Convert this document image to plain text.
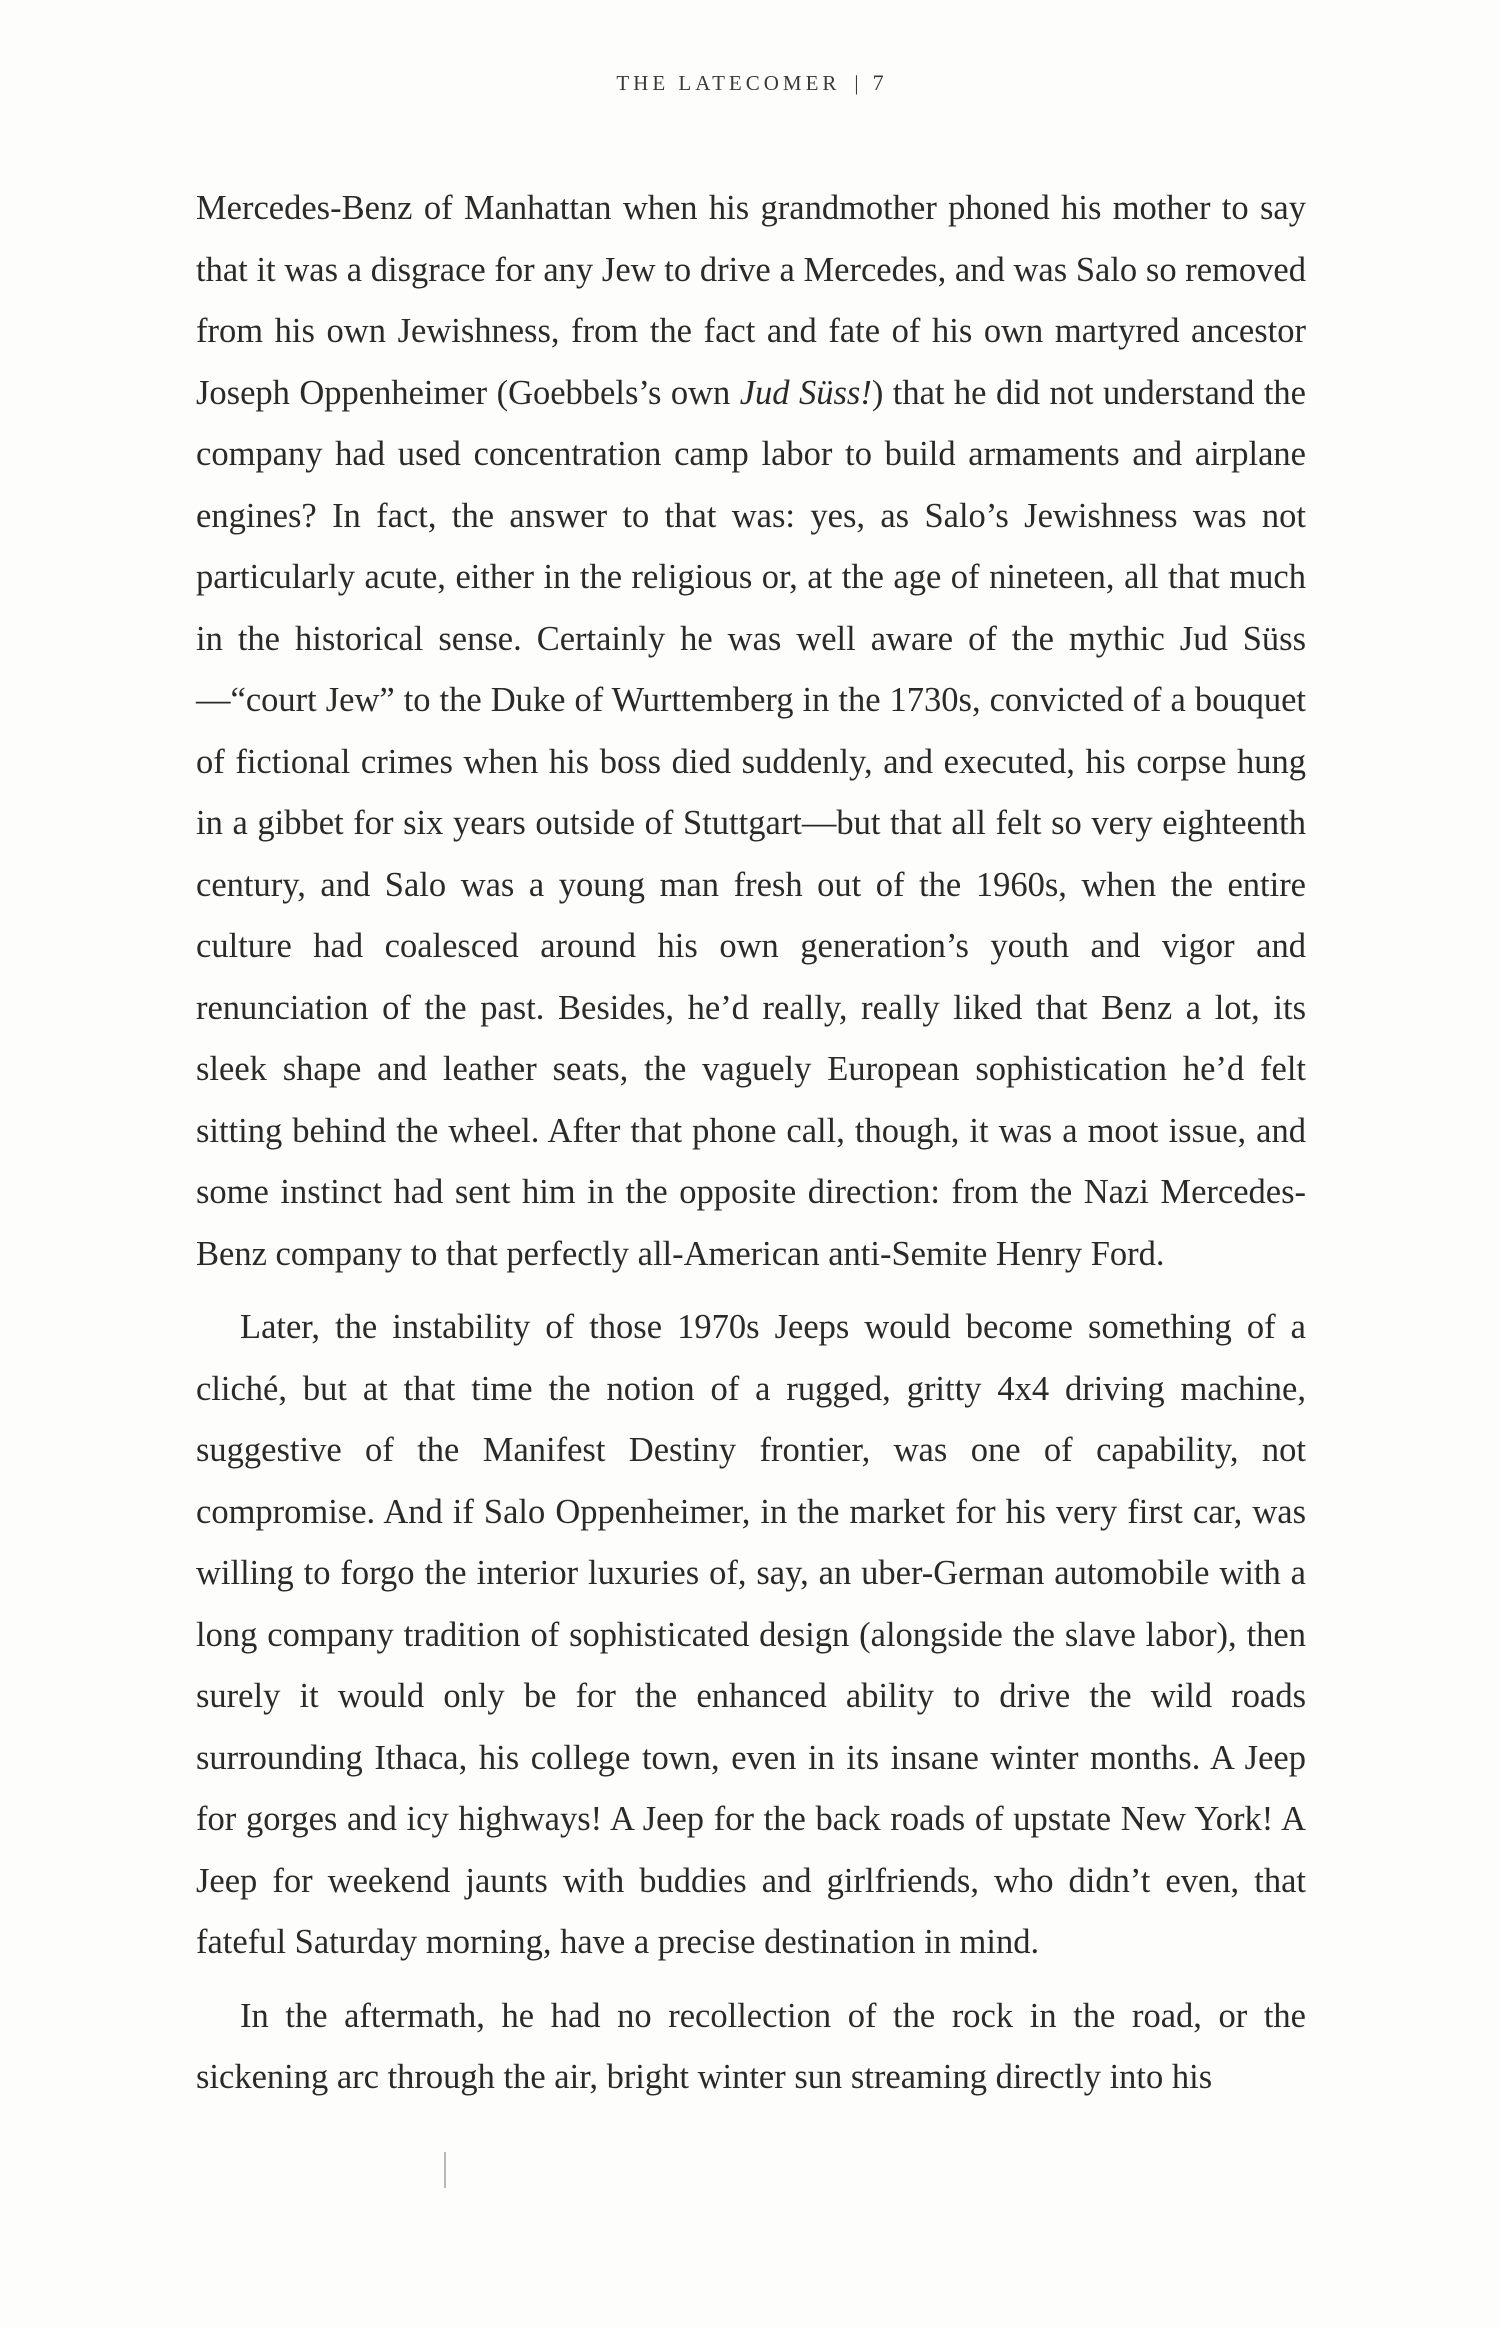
THE LATECOMER | 7

Mercedes-Benz of Manhattan when his grandmother phoned his mother to say that it was a disgrace for any Jew to drive a Mercedes, and was Salo so removed from his own Jewishness, from the fact and fate of his own martyred ancestor Joseph Oppenheimer (Goebbels’s own Jud Süss!) that he did not understand the company had used concentration camp labor to build armaments and airplane engines? In fact, the answer to that was: yes, as Salo’s Jewishness was not particularly acute, either in the religious or, at the age of nineteen, all that much in the historical sense. Certainly he was well aware of the mythic Jud Süss—“court Jew” to the Duke of Wurttemberg in the 1730s, convicted of a bouquet of fictional crimes when his boss died suddenly, and executed, his corpse hung in a gibbet for six years outside of Stuttgart—but that all felt so very eighteenth century, and Salo was a young man fresh out of the 1960s, when the entire culture had coalesced around his own generation’s youth and vigor and renunciation of the past. Besides, he’d really, really liked that Benz a lot, its sleek shape and leather seats, the vaguely European sophistication he’d felt sitting behind the wheel. After that phone call, though, it was a moot issue, and some instinct had sent him in the opposite direction: from the Nazi Mercedes-Benz company to that perfectly all-American anti-Semite Henry Ford.

Later, the instability of those 1970s Jeeps would become something of a cliché, but at that time the notion of a rugged, gritty 4x4 driving machine, suggestive of the Manifest Destiny frontier, was one of capability, not compromise. And if Salo Oppenheimer, in the market for his very first car, was willing to forgo the interior luxuries of, say, an uber-German automobile with a long company tradition of sophisticated design (alongside the slave labor), then surely it would only be for the enhanced ability to drive the wild roads surrounding Ithaca, his college town, even in its insane winter months. A Jeep for gorges and icy highways! A Jeep for the back roads of upstate New York! A Jeep for weekend jaunts with buddies and girlfriends, who didn’t even, that fateful Saturday morning, have a precise destination in mind.

In the aftermath, he had no recollection of the rock in the road, or the sickening arc through the air, bright winter sun streaming directly into his
